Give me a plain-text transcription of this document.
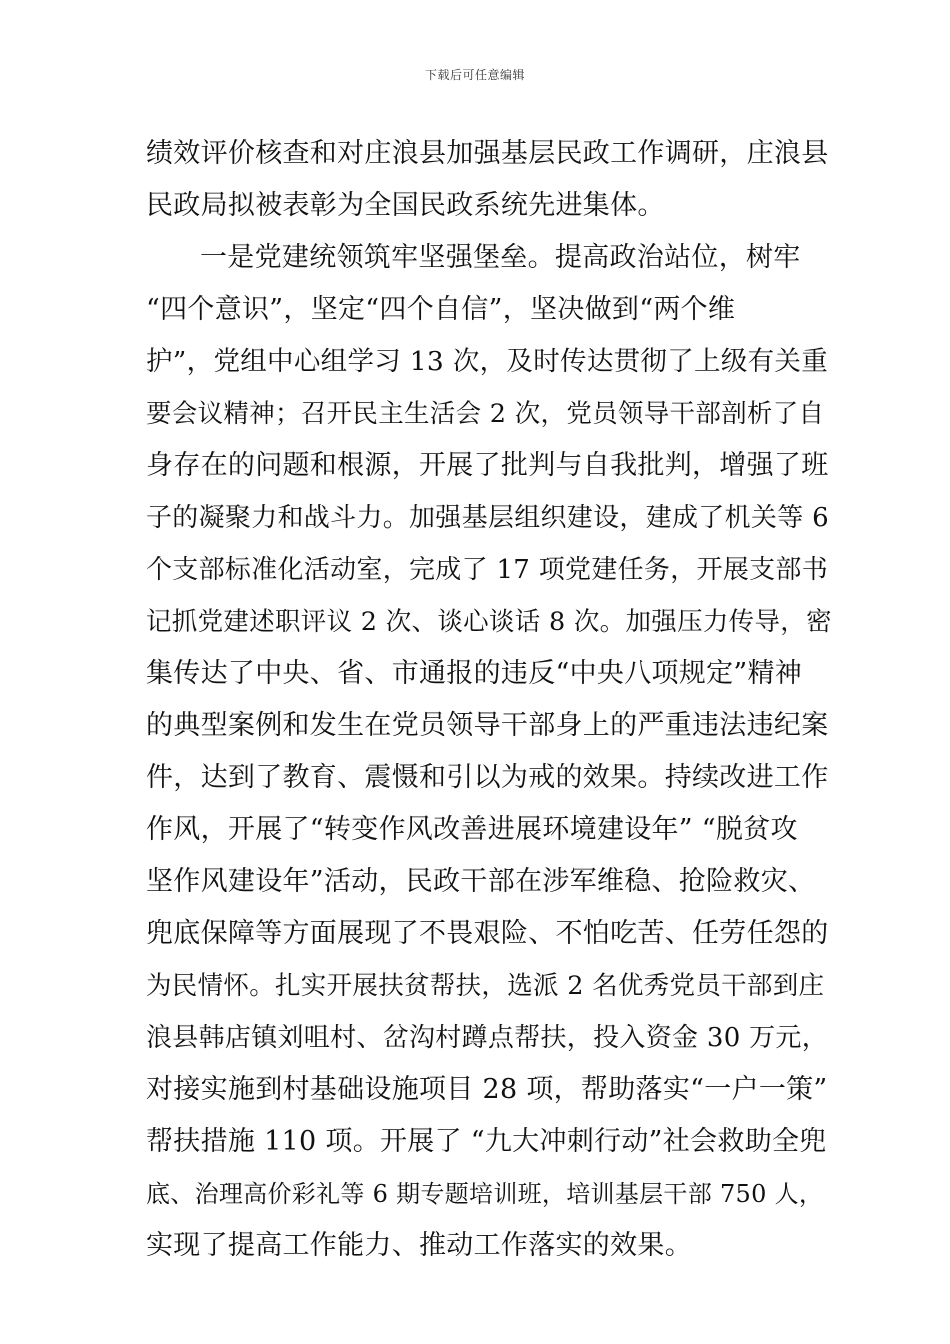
下载后可任意编辑
绩效评价核查和对庄浪县加强基层民政工作调研，庄浪县
民政局拟被表彰为全国民政系统先进集体。
一是党建统领筑牢坚强堡垒。提高政治站位，树牢
“四个意识”，坚定“四个自信”，坚决做到“两个维
护”，党组中心组学习 13 次，及时传达贯彻了上级有关重
要会议精神；召开民主生活会 2 次，党员领导干部剖析了自
身存在的问题和根源，开展了批判与自我批判，增强了班
子的凝聚力和战斗力。加强基层组织建设，建成了机关等 6
个支部标准化活动室，完成了 17 项党建任务，开展支部书
记抓党建述职评议 2 次、谈心谈话 8 次。加强压力传导，密
集传达了中央、省、市通报的违反“中央八项规定”精神
的典型案例和发生在党员领导干部身上的严重违法违纪案
件，达到了教育、震慑和引以为戒的效果。持续改进工作
作风，开展了“转变作风改善进展环境建设年” “脱贫攻
坚作风建设年”活动，民政干部在涉军维稳、抢险救灾、
兜底保障等方面展现了不畏艰险、不怕吃苦、任劳任怨的
为民情怀。扎实开展扶贫帮扶，选派 2 名优秀党员干部到庄
浪县韩店镇刘咀村、岔沟村蹲点帮扶，投入资金 30 万元，
对接实施到村基础设施项目 28 项，帮助落实“一户一策”
帮扶措施 110 项。开展了 “九大冲刺行动”社会救助全兜
底、治理高价彩礼等 6 期专题培训班，培训基层干部 750 人，
实现了提高工作能力、推动工作落实的效果。
